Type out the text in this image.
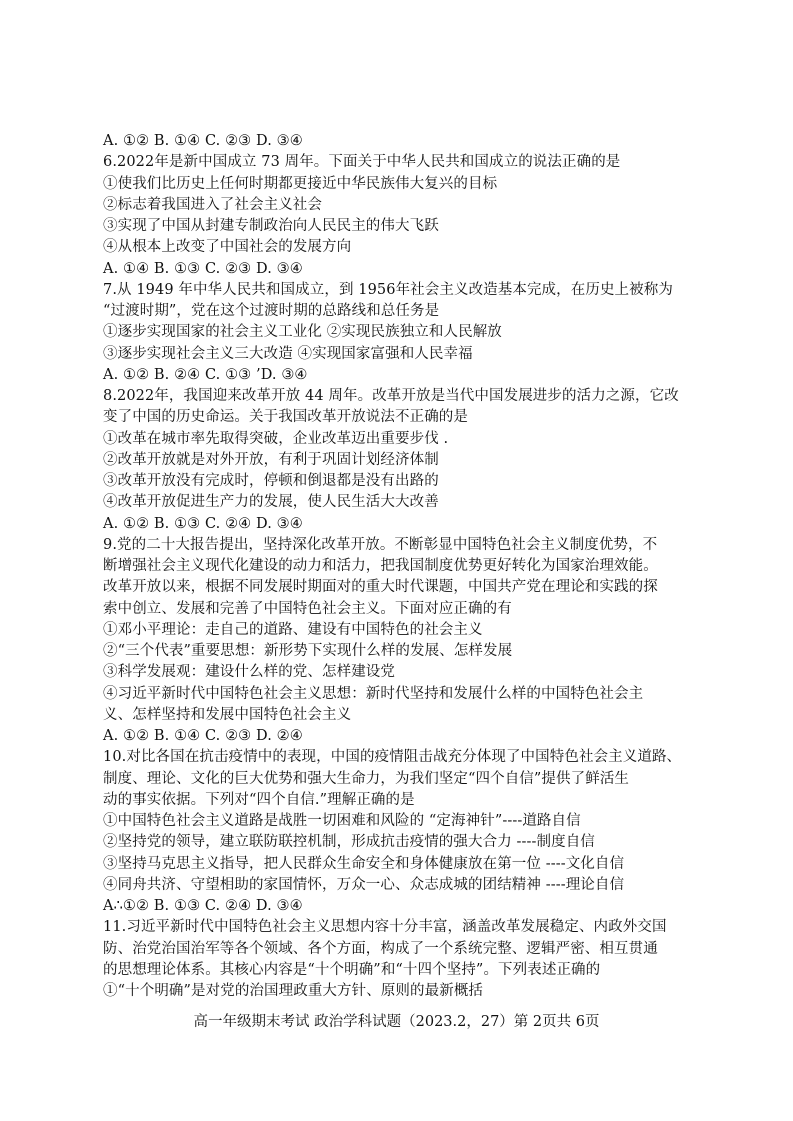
A. ①② B. ①④ C. ②③ D. ③④
6.2022年是新中国成立 73 周年。下面关于中华人民共和国成立的说法正确的是
①使我们比历史上任何时期都更接近中华民族伟大复兴的目标
②标志着我国进入了社会主义社会
③实现了中国从封建专制政治向人民民主的伟大飞跃
④从根本上改变了中国社会的发展方向
A. ①④ B. ①③ C. ②③ D. ③④
7.从 1949 年中华人民共和国成立，到 1956年社会主义改造基本完成，在历史上被称为
“过渡时期”，党在这个过渡时期的总路线和总任务是
①逐步实现国家的社会主义工业化 ②实现民族独立和人民解放
③逐步实现社会主义三大改造 ④实现国家富强和人民幸福
A. ①② B. ②④ C. ①③ ’D. ③④
8.2022年，我国迎来改革开放 44 周年。改革开放是当代中国发展进步的活力之源，它改
变了中国的历史命运。关于我国改革开放说法不正确的是
①改革在城市率先取得突破，企业改革迈出重要步伐 .
②改革开放就是对外开放，有利于巩固计划经济体制
③改革开放没有完成时，停顿和倒退都是没有出路的
④改革开放促进生产力的发展，使人民生活大大改善
A. ①② B. ①③ C. ②④ D. ③④
9.党的二十大报告提出，坚持深化改革开放。不断彰显中国特色社会主义制度优势，不
断增强社会主义现代化建设的动力和活力，把我国制度优势更好转化为国家治理效能。
改革开放以来，根据不同发展时期面对的重大时代课题，中国共产党在理论和实践的探
索中创立、发展和完善了中国特色社会主义。下面对应正确的有
①邓小平理论：走自己的道路、建设有中国特色的社会主义
②“三个代表”重要思想：新形势下实现什么样的发展、怎样发展
③科学发展观：建设什么样的党、怎样建设党
④习近平新时代中国特色社会主义思想：新时代坚持和发展什么样的中国特色社会主
义、怎样坚持和发展中国特色社会主义
A. ①② B. ①④ C. ②③ D. ②④
10.对比各国在抗击疫情中的表现，中国的疫情阻击战充分体现了中国特色社会主义道路、
制度、理论、文化的巨大优势和强大生命力，为我们坚定“四个自信”提供了鲜活生
动的事实依据。下列对“四个自信.”理解正确的是
①中国特色社会主义道路是战胜一切困难和风险的 “定海神针”----道路自信
②坚持党的领导，建立联防联控机制，形成抗击疫情的强大合力 ----制度自信
③坚持马克思主义指导，把人民群众生命安全和身体健康放在第一位 ----文化自信
④同舟共济、守望相助的家国情怀，万众一心、众志成城的团结精神 ----理论自信
A∴①② B. ①③ C. ②④ D. ③④
11.习近平新时代中国特色社会主义思想内容十分丰富，涵盖改革发展稳定、内政外交国
防、治党治国治军等各个领域、各个方面，构成了一个系统完整、逻辑严密、相互贯通
的思想理论体系。其核心内容是“十个明确”和“十四个坚持”。下列表述正确的
①“十个明确”是对党的治国理政重大方针、原则的最新概括
高一年级期末考试 政治学科试题（2023.2，27）第 2页共 6页
